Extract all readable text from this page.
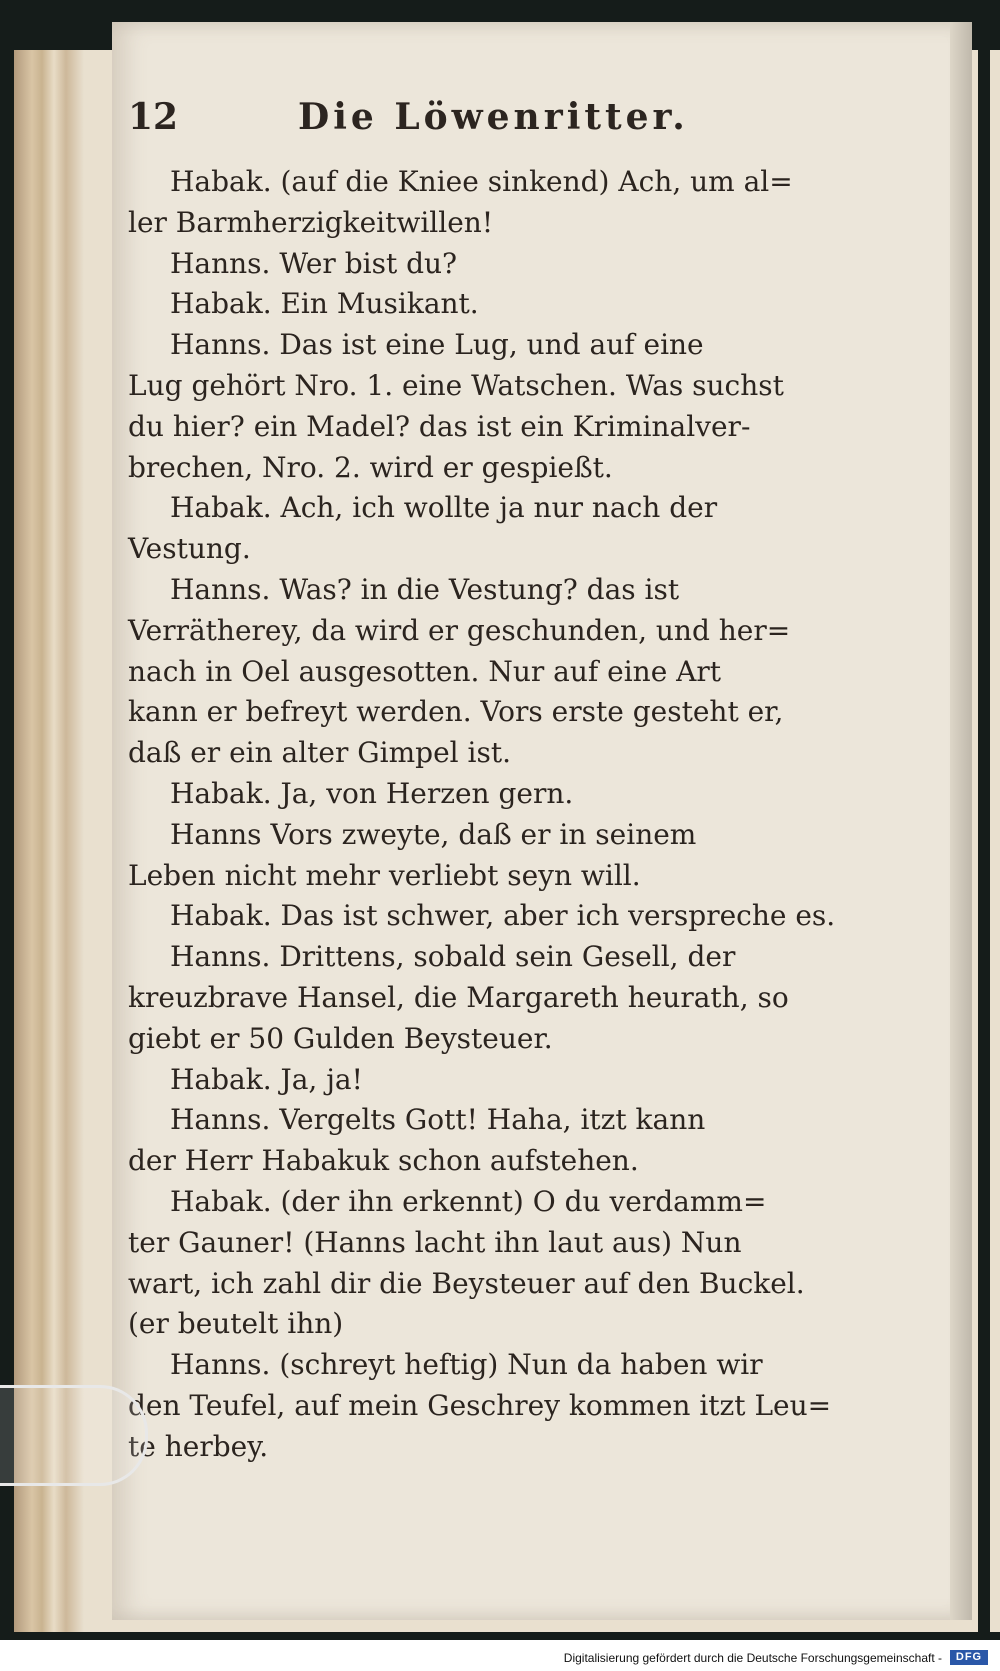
12	Die Löwenritter.
Habak. (auf die Kniee sinkend) Ach, um al=
ler Barmherzigkeitwillen!
Hanns. Wer bist du?
Habak. Ein Musikant.
Hanns. Das ist eine Lug, und auf eine
Lug gehört Nro. 1. eine Watschen. Was suchst
du hier? ein Madel? das ist ein Kriminalver-
brechen, Nro. 2. wird er gespießt.
Habak. Ach, ich wollte ja nur nach der
Vestung.
Hanns. Was? in die Vestung? das ist
Verrätherey, da wird er geschunden, und her=
nach in Oel ausgesotten. Nur auf eine Art
kann er befreyt werden. Vors erste gesteht er,
daß er ein alter Gimpel ist.
Habak. Ja, von Herzen gern.
Hanns Vors zweyte, daß er in seinem
Leben nicht mehr verliebt seyn will.
Habak. Das ist schwer, aber ich verspreche es.
Hanns. Drittens, sobald sein Gesell, der
kreuzbrave Hansel, die Margareth heurath, so
giebt er 50 Gulden Beysteuer.
Habak. Ja, ja!
Hanns. Vergelts Gott! Haha, itzt kann
der Herr Habakuk schon aufstehen.
Habak. (der ihn erkennt) O du verdamm=
ter Gauner! (Hanns lacht ihn laut aus) Nun
wart, ich zahl dir die Beysteuer auf den Buckel.
(er beutelt ihn)
Hanns. (schreyt heftig) Nun da haben wir
den Teufel, auf mein Geschrey kommen itzt Leu=
te herbey.
Digitalisierung gefördert durch die Deutsche Forschungsgemeinschaft -	DFG
